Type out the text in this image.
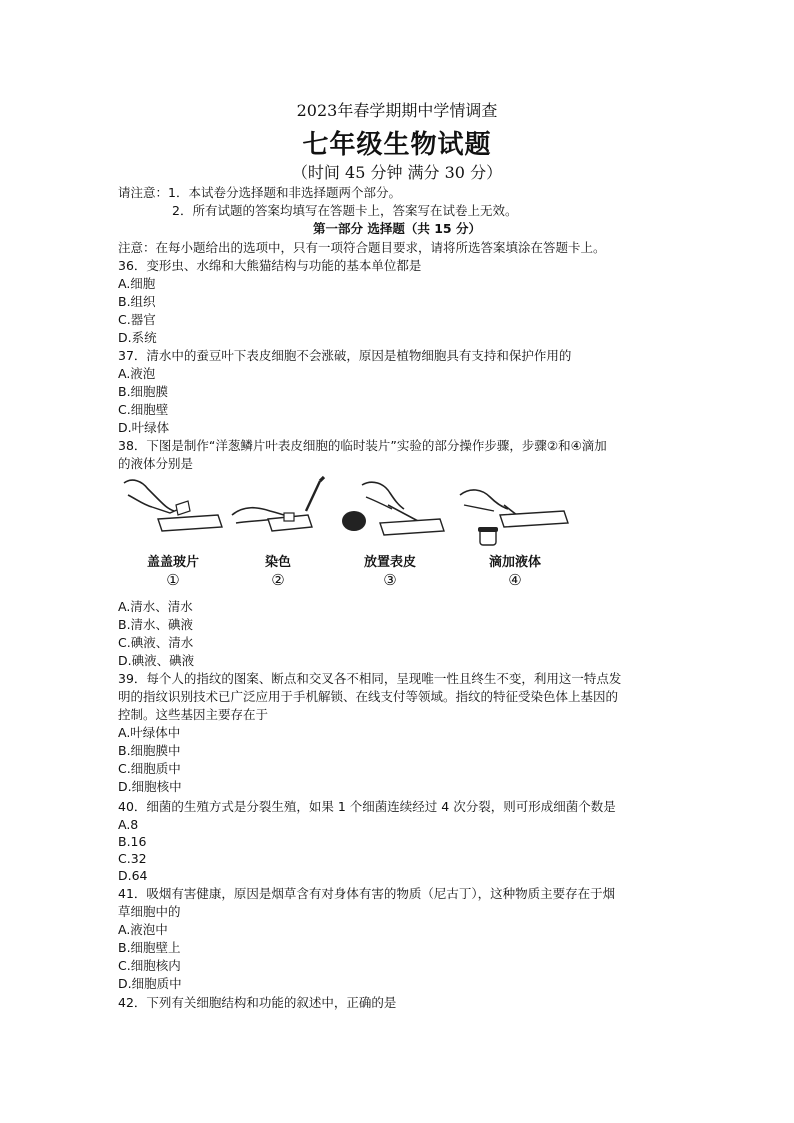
2023年春学期期中学情调查
七年级生物试题
（时间 45 分钟 满分 30 分）
请注意：1．本试卷分选择题和非选择题两个部分。
2．所有试题的答案均填写在答题卡上，答案写在试卷上无效。
第一部分 选择题（共 15 分）
注意：在每小题给出的选项中，只有一项符合题目要求，请将所选答案填涂在答题卡上。
36．变形虫、水绵和大熊猫结构与功能的基本单位都是
A.细胞
B.组织
C.器官
D.系统
37．清水中的蚕豆叶下表皮细胞不会涨破，原因是植物细胞具有支持和保护作用的
A.液泡
B.细胞膜
C.细胞壁
D.叶绿体
38．下图是制作“洋葱鳞片叶表皮细胞的临时装片”实验的部分操作步骤，步骤②和④滴加
的液体分别是
盖盖玻片
①
染色
②
放置表皮
③
滴加液体
④
A.清水、清水
B.清水、碘液
C.碘液、清水
D.碘液、碘液
39．每个人的指纹的图案、断点和交叉各不相同，呈现唯一性且终生不变，利用这一特点发
明的指纹识别技术已广泛应用于手机解锁、在线支付等领域。指纹的特征受染色体上基因的
控制。这些基因主要存在于
A.叶绿体中
B.细胞膜中
C.细胞质中
D.细胞核中
40．细菌的生殖方式是分裂生殖，如果 1 个细菌连续经过 4 次分裂，则可形成细菌个数是
A.8
B.16
C.32
D.64
41．吸烟有害健康，原因是烟草含有对身体有害的物质（尼古丁），这种物质主要存在于烟
草细胞中的
A.液泡中
B.细胞壁上
C.细胞核内
D.细胞质中
42．下列有关细胞结构和功能的叙述中，正确的是
